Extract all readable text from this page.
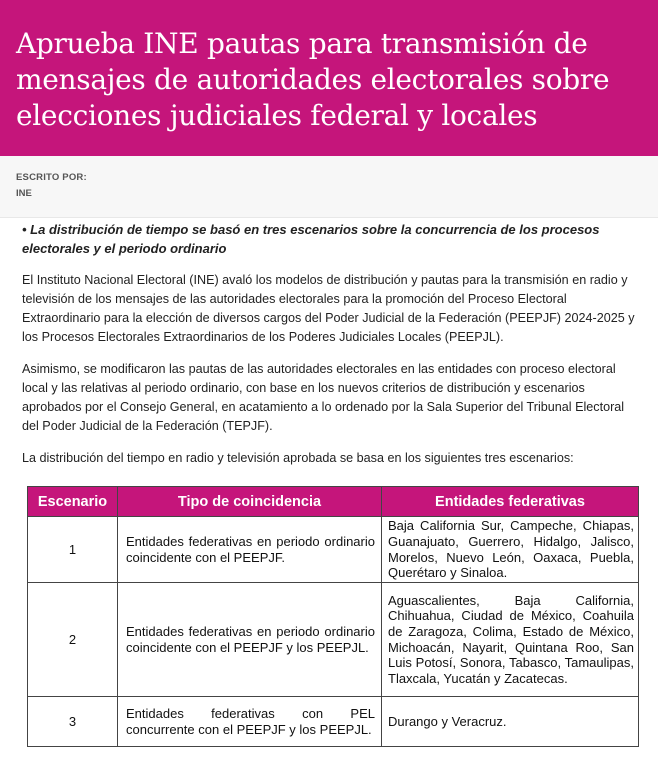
Aprueba INE pautas para transmisión de mensajes de autoridades electorales sobre elecciones judiciales federal y locales
ESCRITO POR:
INE

• La distribución de tiempo se basó en tres escenarios sobre la concurrencia de los procesos electorales y el periodo ordinario

El Instituto Nacional Electoral (INE) avaló los modelos de distribución y pautas para la transmisión en radio y televisión de los mensajes de las autoridades electorales para la promoción del Proceso Electoral Extraordinario para la elección de diversos cargos del Poder Judicial de la Federación (PEEPJF) 2024-2025 y los Procesos Electorales Extraordinarios de los Poderes Judiciales Locales (PEEPJL).

Asimismo, se modificaron las pautas de las autoridades electorales en las entidades con proceso electoral local y las relativas al periodo ordinario, con base en los nuevos criterios de distribución y escenarios aprobados por el Consejo General, en acatamiento a lo ordenado por la Sala Superior del Tribunal Electoral del Poder Judicial de la Federación (TEPJF).

La distribución del tiempo en radio y televisión aprobada se basa en los siguientes tres escenarios:

Escenario	Tipo de coincidencia	Entidades federativas
1	Entidades federativas en periodo ordinario coincidente con el PEEPJF.	Baja California Sur, Campeche, Chiapas, Guanajuato, Guerrero, Hidalgo, Jalisco, Morelos, Nuevo León, Oaxaca, Puebla, Querétaro y Sinaloa.
2	Entidades federativas en periodo ordinario coincidente con el PEEPJF y los PEEPJL.	Aguascalientes, Baja California, Chihuahua, Ciudad de México, Coahuila de Zaragoza, Colima, Estado de México, Michoacán, Nayarit, Quintana Roo, San Luis Potosí, Sonora, Tabasco, Tamaulipas, Tlaxcala, Yucatán y Zacatecas.
3	Entidades federativas con PEL concurrente con el PEEPJF y los PEEPJL.	Durango y Veracruz.
